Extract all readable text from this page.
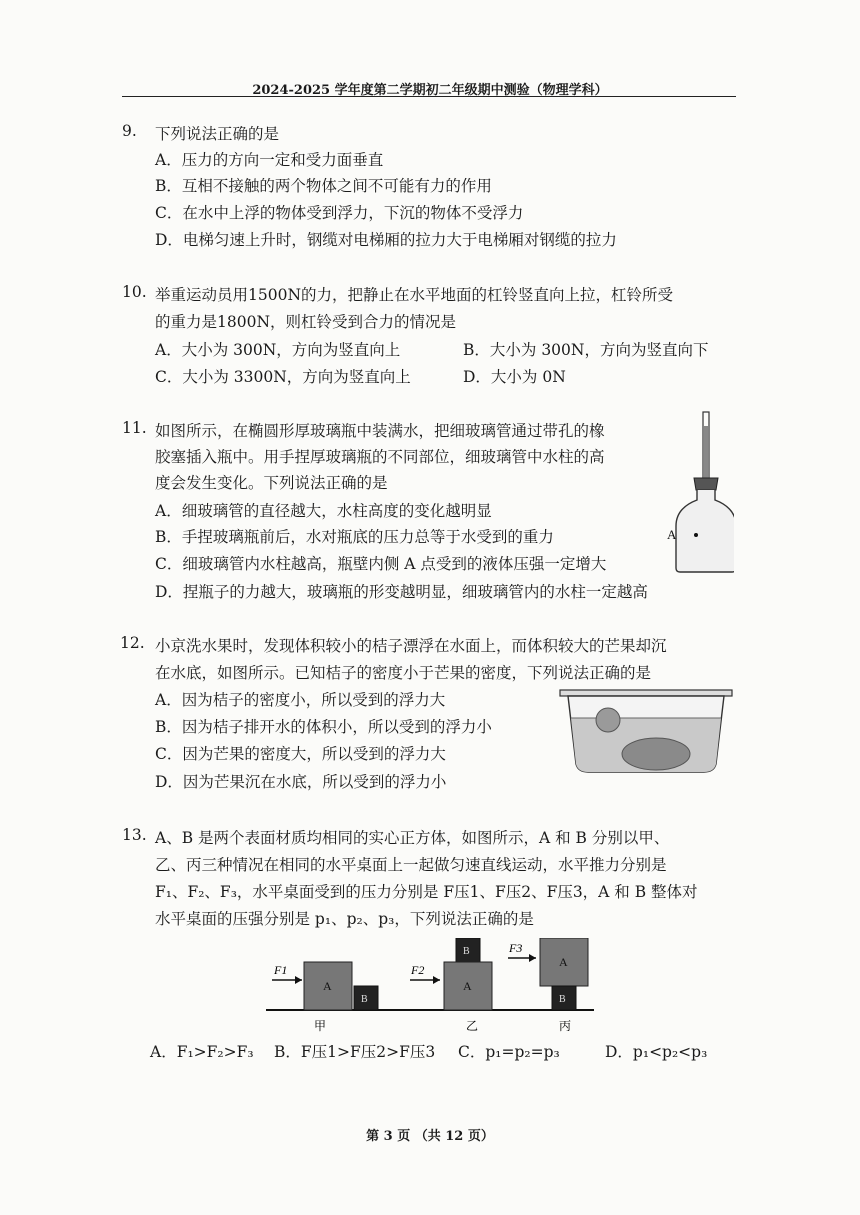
2024-2025 学年度第二学期初二年级期中测验（物理学科）
9. 下列说法正确的是
A．压力的方向一定和受力面垂直
B．互相不接触的两个物体之间不可能有力的作用
C．在水中上浮的物体受到浮力，下沉的物体不受浮力
D．电梯匀速上升时，钢缆对电梯厢的拉力大于电梯厢对钢缆的拉力
10. 举重运动员用1500N的力，把静止在水平地面的杠铃竖直向上拉，杠铃所受
的重力是1800N，则杠铃受到合力的情况是
A．大小为 300N，方向为竖直向上	B．大小为 300N，方向为竖直向下
C．大小为 3300N，方向为竖直向上	D．大小为 0N
11. 如图所示，在椭圆形厚玻璃瓶中装满水，把细玻璃管通过带孔的橡
胶塞插入瓶中。用手捏厚玻璃瓶的不同部位，细玻璃管中水柱的高
度会发生变化。下列说法正确的是
A．细玻璃管的直径越大，水柱高度的变化越明显
B．手捏玻璃瓶前后，水对瓶底的压力总等于水受到的重力
C．细玻璃管内水柱越高，瓶壁内侧 A 点受到的液体压强一定增大
D．捏瓶子的力越大，玻璃瓶的形变越明显，细玻璃管内的水柱一定越高
A
12. 小京洗水果时，发现体积较小的桔子漂浮在水面上，而体积较大的芒果却沉
在水底，如图所示。已知桔子的密度小于芒果的密度，下列说法正确的是
A．因为桔子的密度小，所以受到的浮力大
B．因为桔子排开水的体积小，所以受到的浮力小
C．因为芒果的密度大，所以受到的浮力大
D．因为芒果沉在水底，所以受到的浮力小
13. A、B 是两个表面材质均相同的实心正方体，如图所示，A 和 B 分别以甲、
乙、丙三种情况在相同的水平桌面上一起做匀速直线运动，水平推力分别是
F₁、F₂、F₃，水平桌面受到的压力分别是 F压1、F压2、F压3，A 和 B 整体对
水平桌面的压强分别是 p₁、p₂、p₃，下列说法正确的是
F1
A
B
F2
B
A
F3
A
B
甲	乙	丙
A．F₁>F₂>F₃ B．F压1>F压2>F压3 C．p₁=p₂=p₃	D．p₁<p₂<p₃
第 3 页 （共 12 页）
